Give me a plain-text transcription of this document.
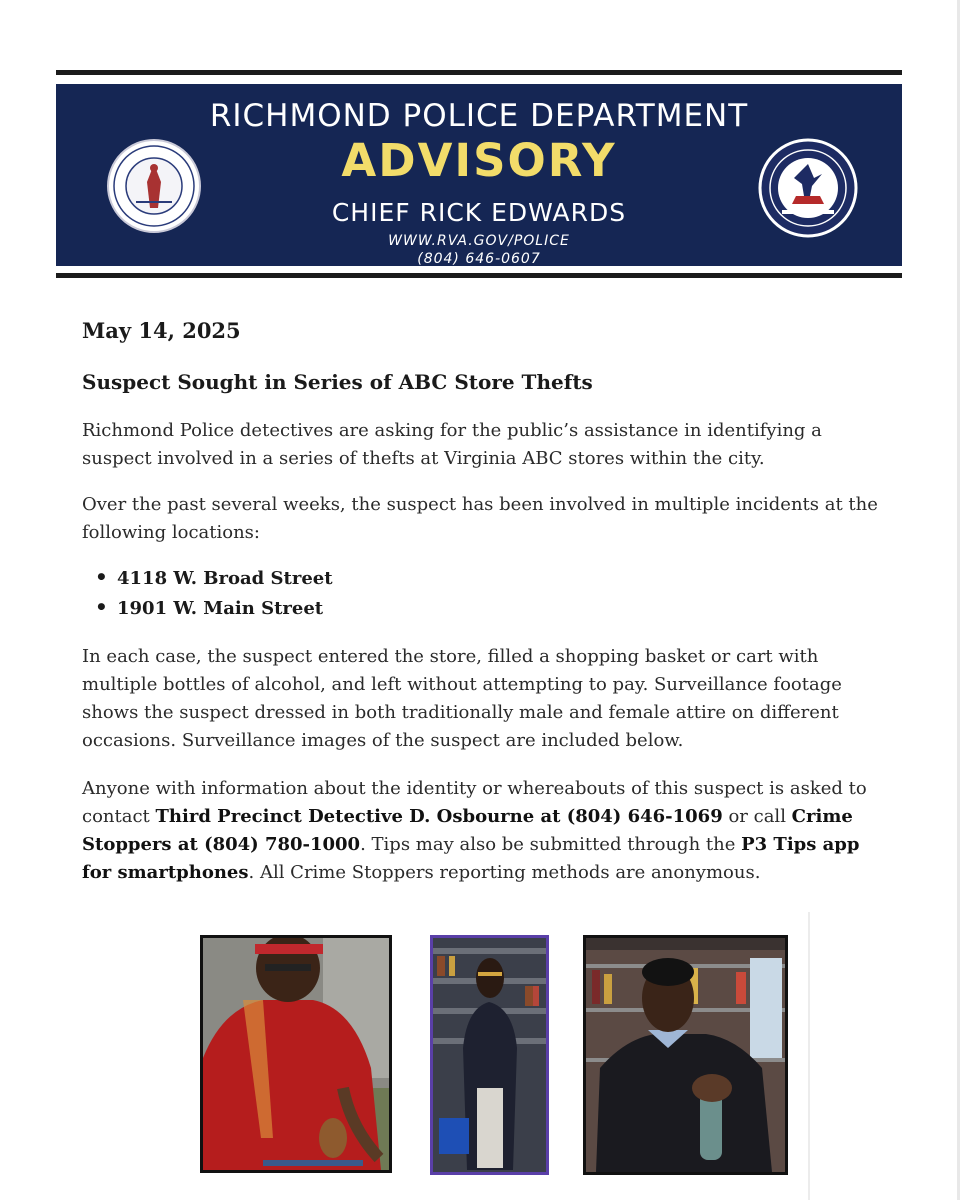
RICHMOND POLICE DEPARTMENT
ADVISORY
CHIEF RICK EDWARDS
WWW.RVA.GOV/POLICE
(804) 646-0607
May 14, 2025
Suspect Sought in Series of ABC Store Thefts

Richmond Police detectives are asking for the public’s assistance in identifying a suspect involved in a series of thefts at Virginia ABC stores within the city.

Over the past several weeks, the suspect has been involved in multiple incidents at the following locations:

• 4118 W. Broad Street
• 1901 W. Main Street

In each case, the suspect entered the store, filled a shopping basket or cart with multiple bottles of alcohol, and left without attempting to pay. Surveillance footage shows the suspect dressed in both traditionally male and female attire on different occasions. Surveillance images of the suspect are included below.

Anyone with information about the identity or whereabouts of this suspect is asked to contact Third Precinct Detective D. Osbourne at (804) 646-1069 or call Crime Stoppers at (804) 780-1000. Tips may also be submitted through the P3 Tips app for smartphones. All Crime Stoppers reporting methods are anonymous.
